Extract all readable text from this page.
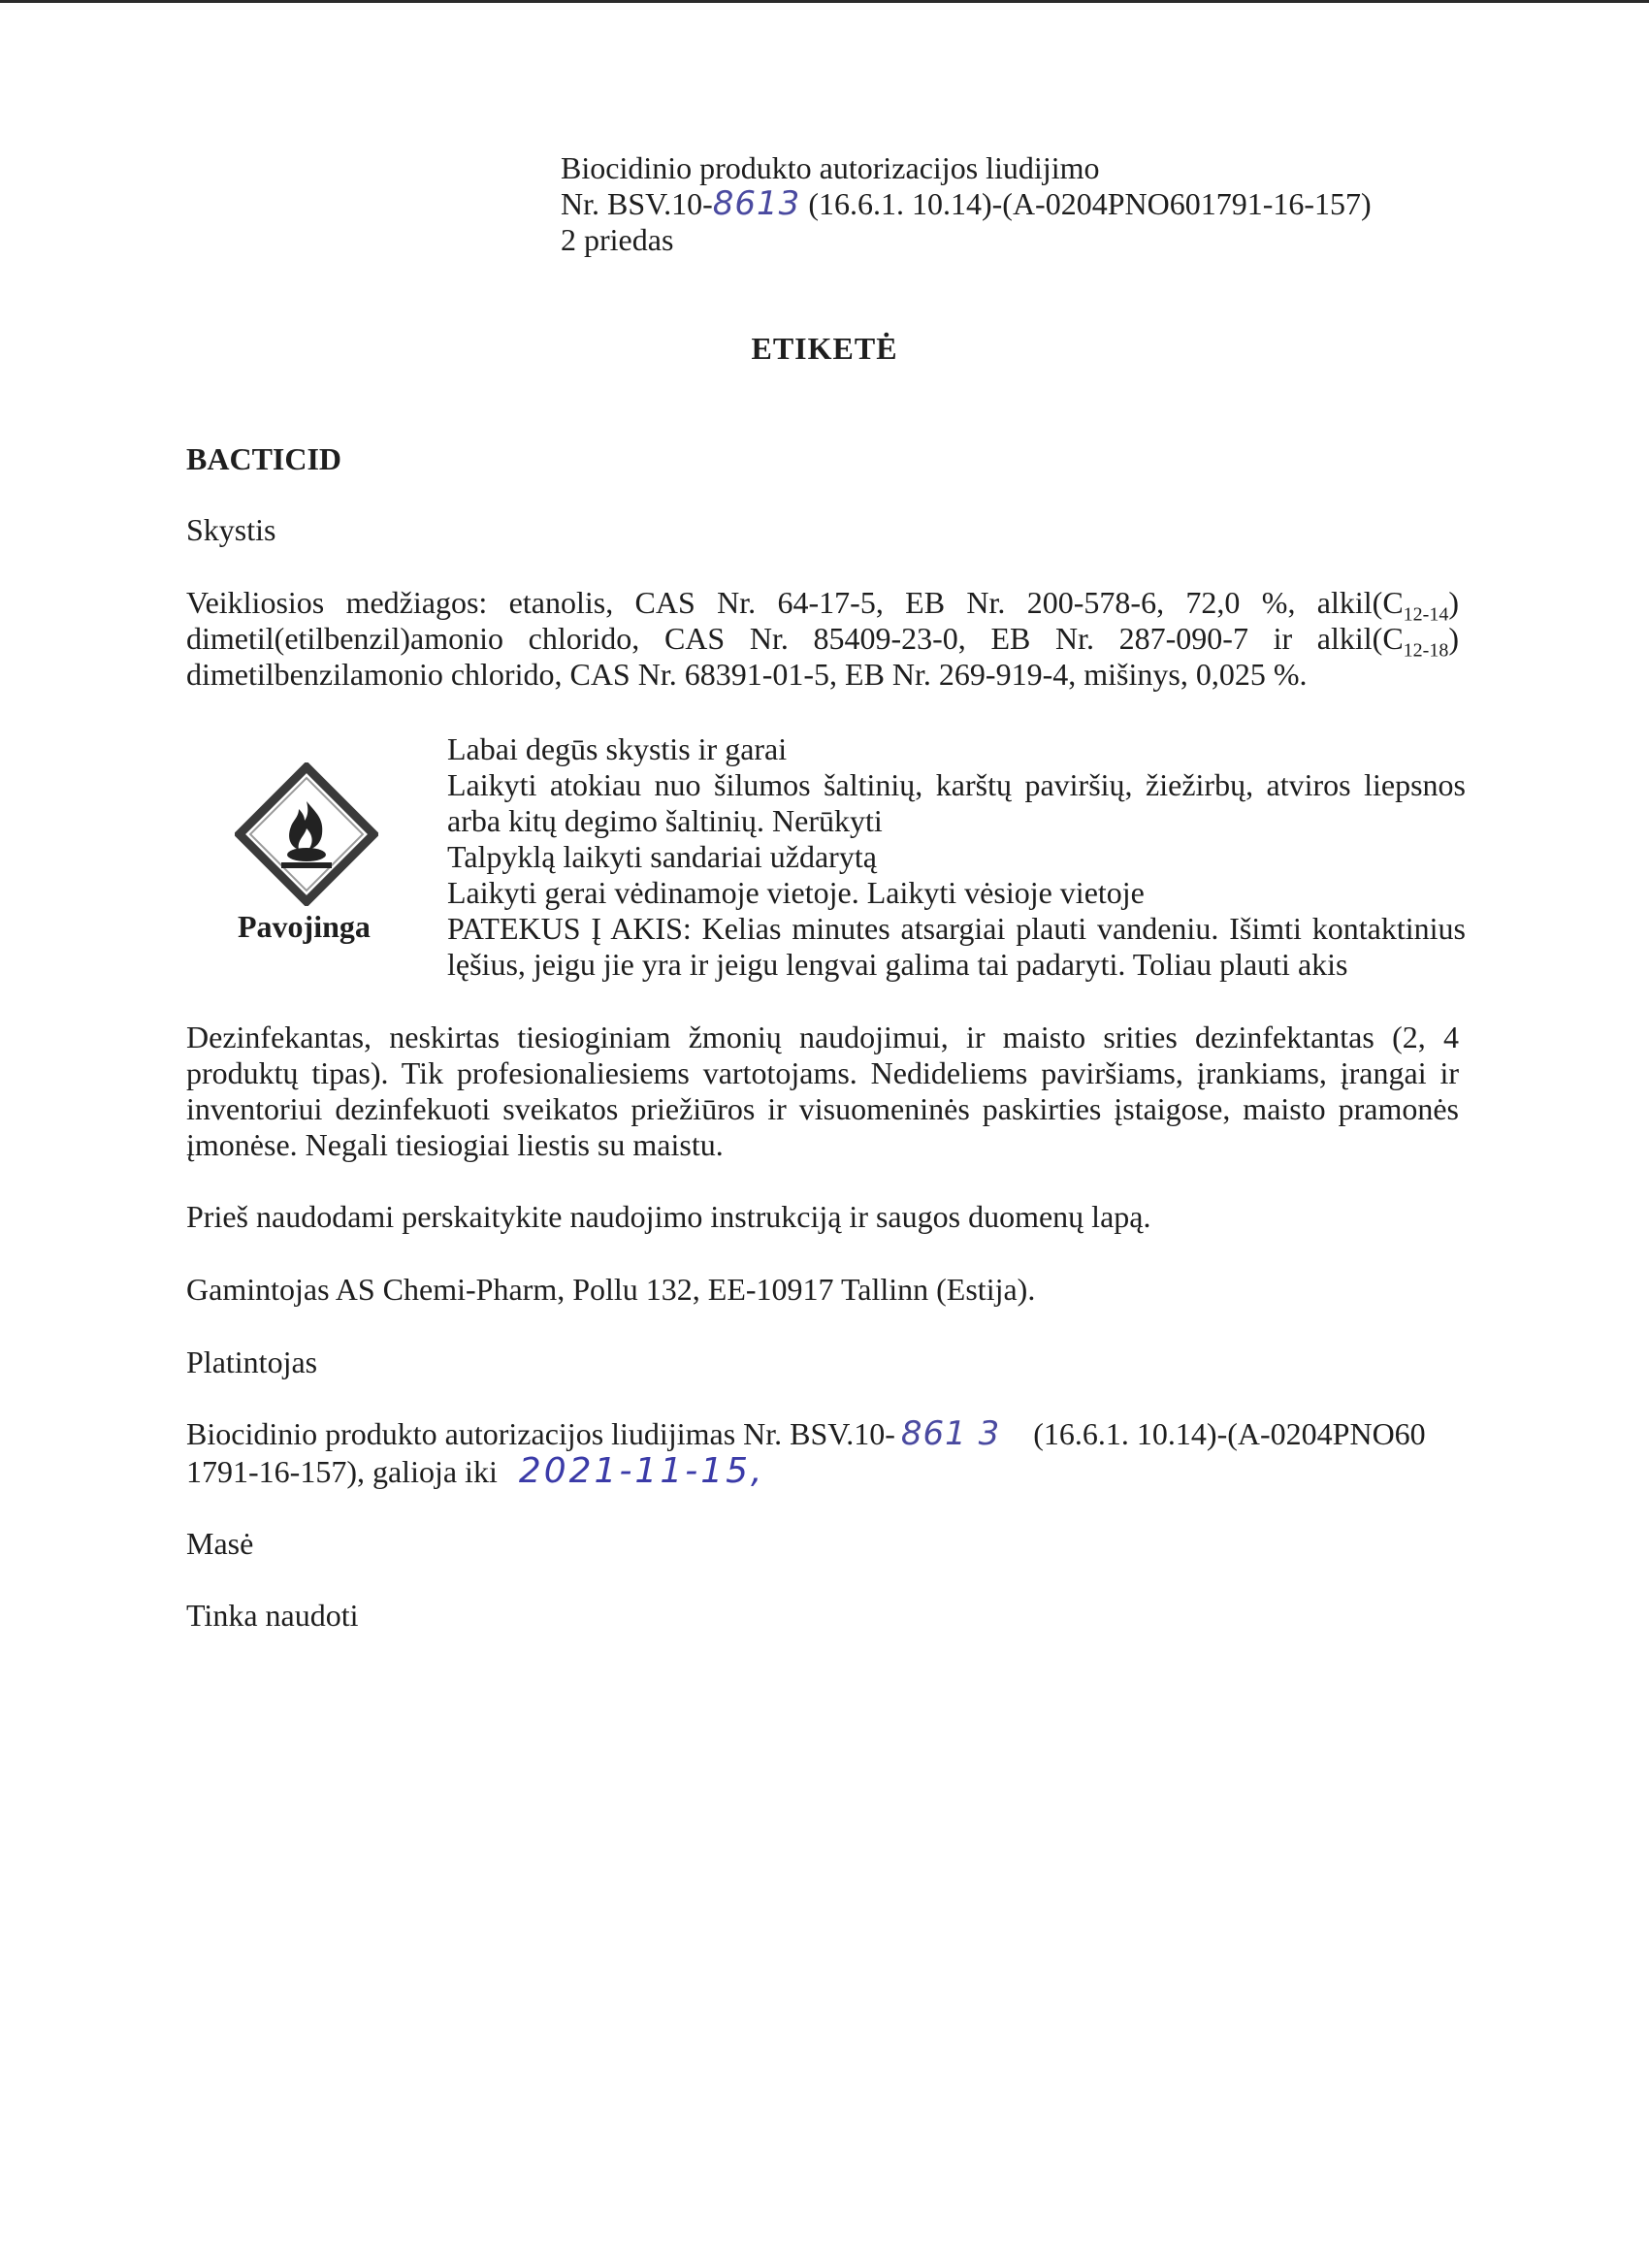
Biocidinio produkto autorizacijos liudijimo
Nr. BSV.10-8613 (16.6.1. 10.14)-(A-0204PNO601791-16-157)
2 priedas
ETIKETĖ
BACTICID
Skystis
Veikliosios medžiagos: etanolis, CAS Nr. 64-17-5, EB Nr. 200-578-6, 72,0 %, $alkil(C_{12-14})$
dimetil(etilbenzil)amonio chlorido, CAS Nr. 85409-23-0, EB Nr. 287-090-7 ir $alkil(C_{12-18})$
dimetilbenzilamonio chlorido, CAS Nr. 68391-01-5, EB Nr. 269-919-4, mišinys, 0,025 %.
Pavojinga
Labai degūs skystis ir garai
Laikyti atokiau nuo šilumos šaltinių, karštų paviršių, žiežirbų, atviros liepsnos
arba kitų degimo šaltinių. Nerūkyti
Talpyklą laikyti sandariai uždarytą
Laikyti gerai vėdinamoje vietoje. Laikyti vėsioje vietoje
PATEKUS Į AKIS: Kelias minutes atsargiai plauti vandeniu. Išimti kontaktinius
lęšius, jeigu jie yra ir jeigu lengvai galima tai padaryti. Toliau plauti akis
Dezinfekantas, neskirtas tiesioginiam žmonių naudojimui, ir maisto srities dezinfektantas (2, 4
produktų tipas). Tik profesionaliesiems vartotojams. Nedideliems paviršiams, įrankiams, įrangai ir
inventoriui dezinfekuoti sveikatos priežiūros ir visuomeninės paskirties įstaigose, maisto pramonės
įmonėse. Negali tiesiogiai liestis su maistu.
Prieš naudodami perskaitykite naudojimo instrukciją ir saugos duomenų lapą.
Gamintojas AS Chemi-Pharm, Pollu 132, EE-10917 Tallinn (Estija).
Platintojas
Biocidinio produkto autorizacijos liudijimas Nr. BSV.10- 861 3 (16.6.1. 10.14)-(A-0204PNO60
1791-16-157), galioja iki 2021-11-15,
Masė
Tinka naudoti
